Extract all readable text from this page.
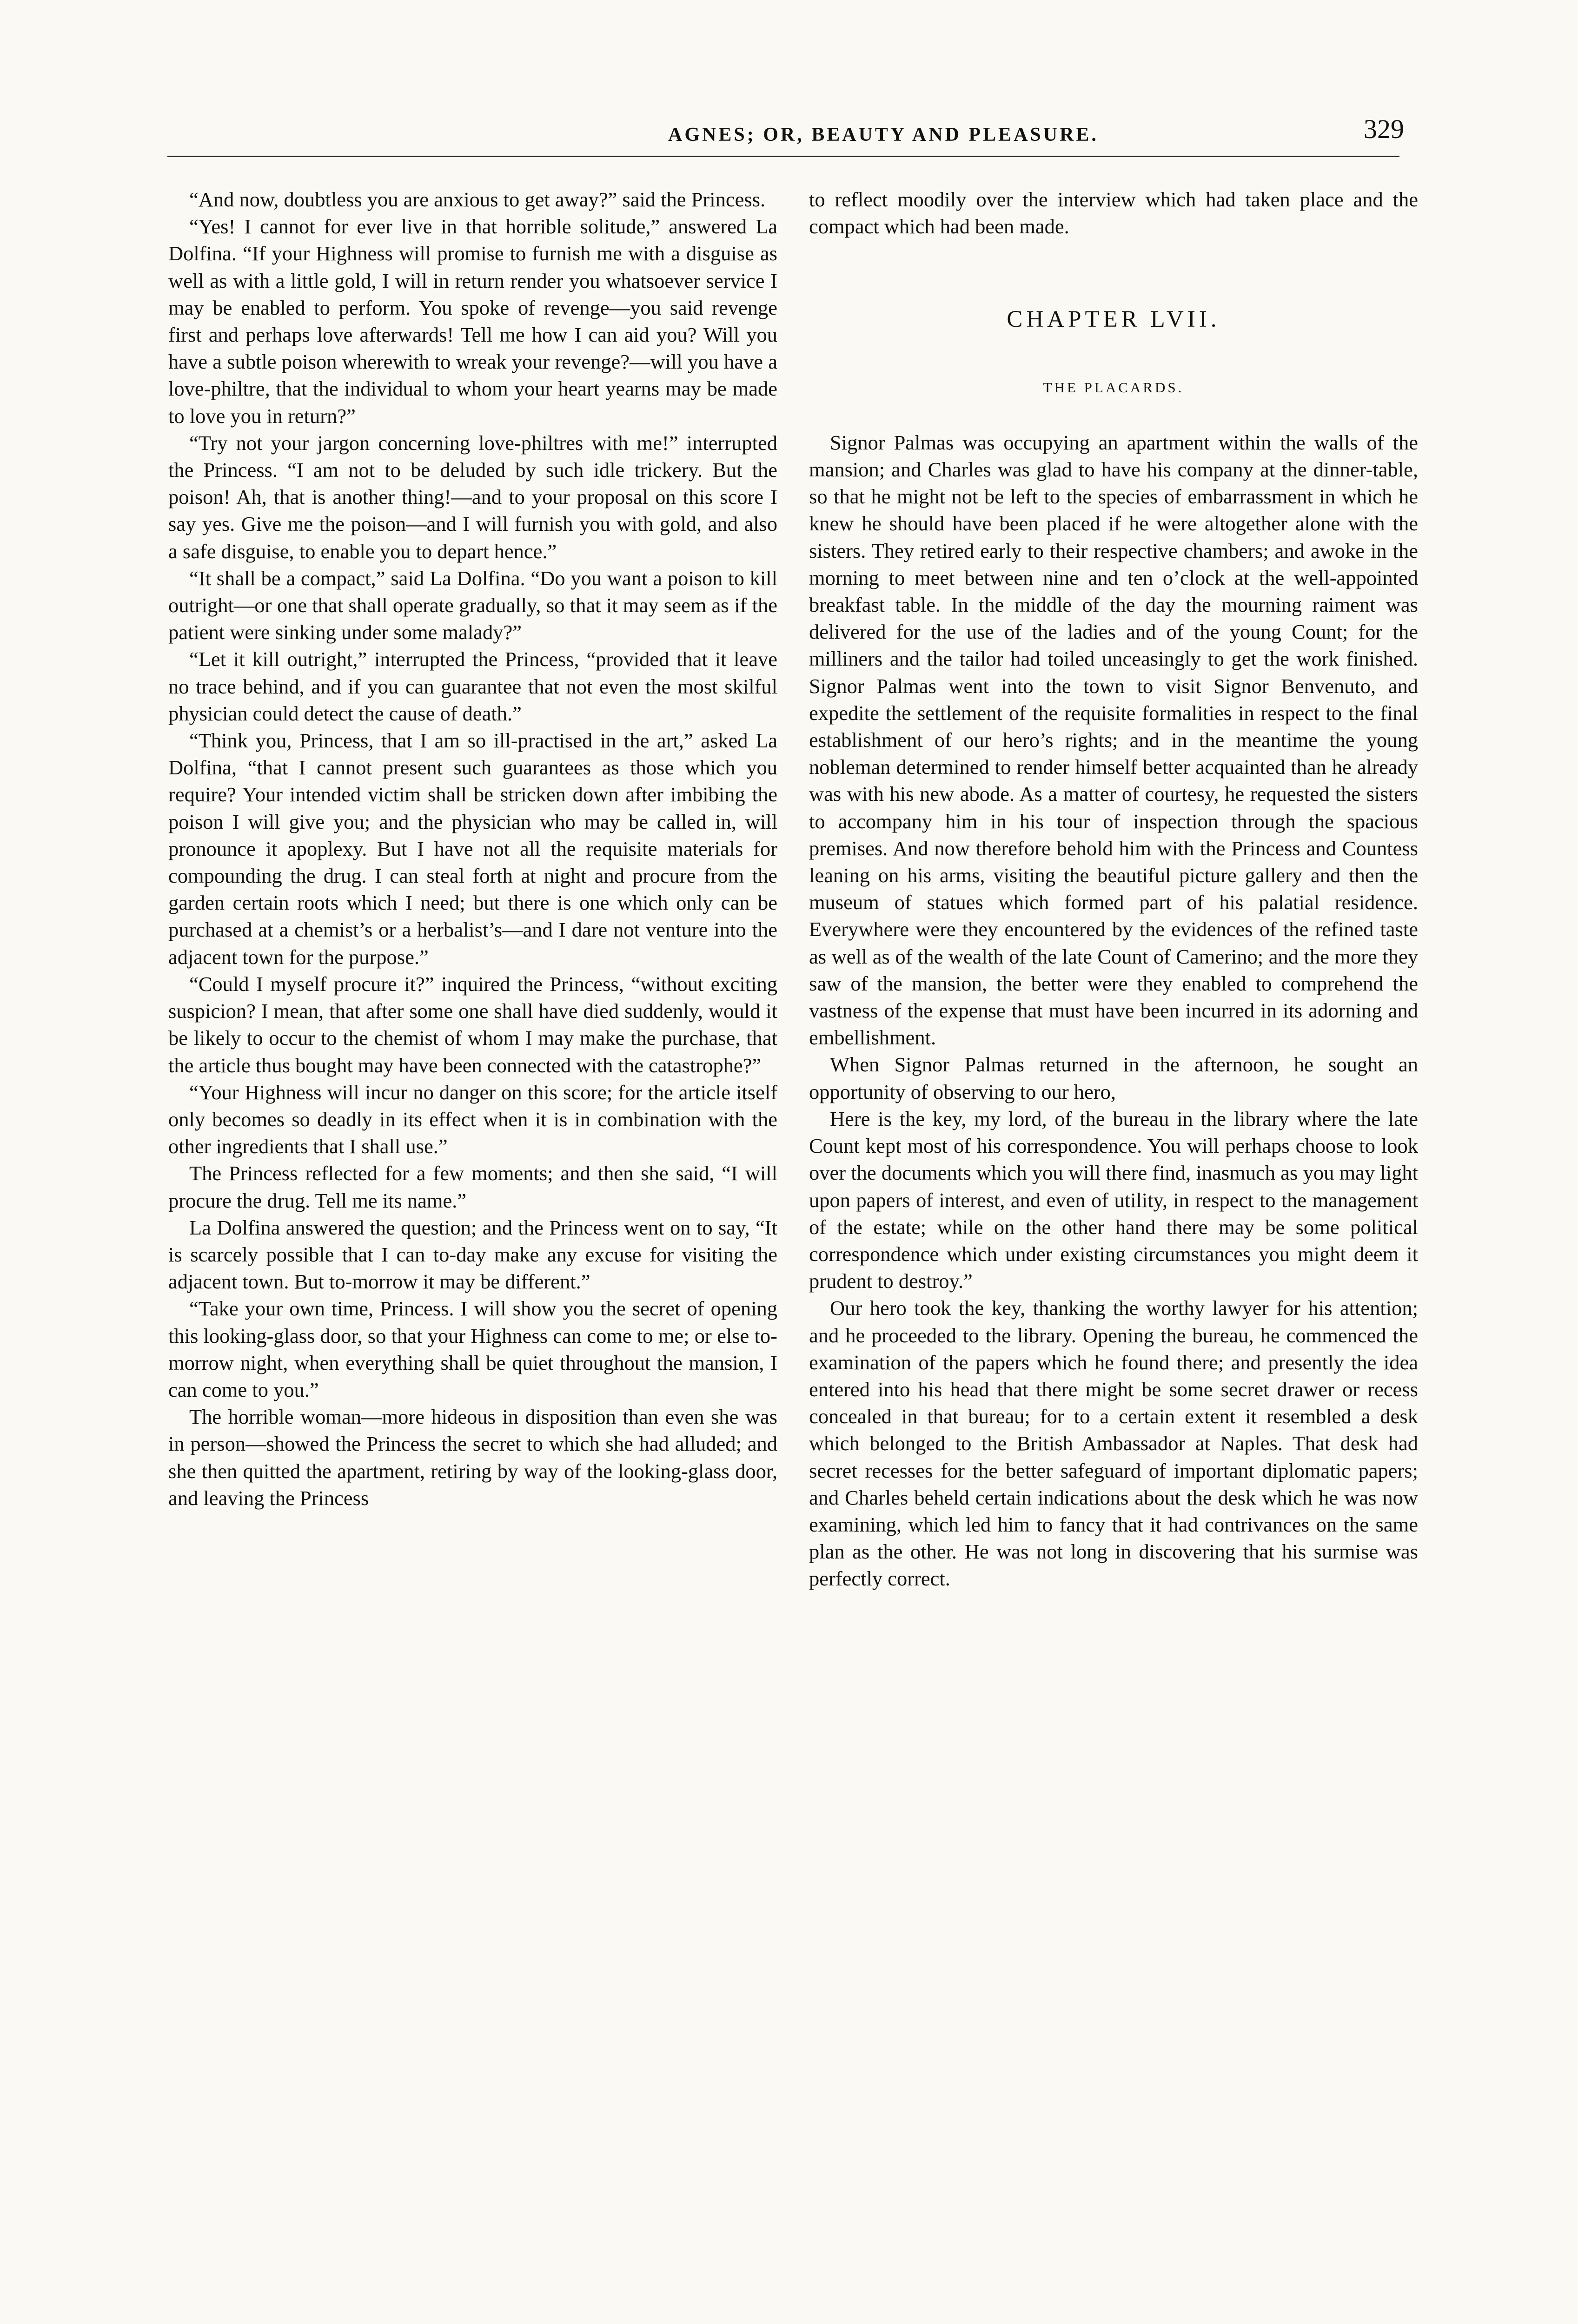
AGNES; OR, BEAUTY AND PLEASURE.	329

“And now, doubtless you are anxious to get away?” said the Princess.

“Yes! I cannot for ever live in that horrible solitude,” answered La Dolfina. “If your Highness will promise to furnish me with a disguise as well as with a little gold, I will in return render you whatsoever service I may be enabled to perform. You spoke of revenge—you said revenge first and perhaps love afterwards! Tell me how I can aid you? Will you have a subtle poison wherewith to wreak your revenge?—will you have a love-philtre, that the individual to whom your heart yearns may be made to love you in return?”

“Try not your jargon concerning love-philtres with me!” interrupted the Princess. “I am not to be deluded by such idle trickery. But the poison! Ah, that is another thing!—and to your proposal on this score I say yes. Give me the poison—and I will furnish you with gold, and also a safe disguise, to enable you to depart hence.”

“It shall be a compact,” said La Dolfina. “Do you want a poison to kill outright—or one that shall operate gradually, so that it may seem as if the patient were sinking under some malady?”

“Let it kill outright,” interrupted the Princess, “provided that it leave no trace behind, and if you can guarantee that not even the most skilful physician could detect the cause of death.”

“Think you, Princess, that I am so ill-practised in the art,” asked La Dolfina, “that I cannot present such guarantees as those which you require? Your intended victim shall be stricken down after imbibing the poison I will give you; and the physician who may be called in, will pronounce it apoplexy. But I have not all the requisite materials for compounding the drug. I can steal forth at night and procure from the garden certain roots which I need; but there is one which only can be purchased at a chemist’s or a herbalist’s—and I dare not venture into the adjacent town for the purpose.”

“Could I myself procure it?” inquired the Princess, “without exciting suspicion? I mean, that after some one shall have died suddenly, would it be likely to occur to the chemist of whom I may make the purchase, that the article thus bought may have been connected with the catastrophe?”

“Your Highness will incur no danger on this score; for the article itself only becomes so deadly in its effect when it is in combination with the other ingredients that I shall use.”

The Princess reflected for a few moments; and then she said, “I will procure the drug. Tell me its name.”

La Dolfina answered the question; and the Princess went on to say, “It is scarcely possible that I can to-day make any excuse for visiting the adjacent town. But to-morrow it may be different.”

“Take your own time, Princess. I will show you the secret of opening this looking-glass door, so that your Highness can come to me; or else to-morrow night, when everything shall be quiet throughout the mansion, I can come to you.”

The horrible woman—more hideous in disposition than even she was in person—showed the Princess the secret to which she had alluded; and she then quitted the apartment, retiring by way of the looking-glass door, and leaving the Princess

to reflect moodily over the interview which had taken place and the compact which had been made.

CHAPTER LVII.
THE PLACARDS.

Signor Palmas was occupying an apartment within the walls of the mansion; and Charles was glad to have his company at the dinner-table, so that he might not be left to the species of embarrassment in which he knew he should have been placed if he were altogether alone with the sisters. They retired early to their respective chambers; and awoke in the morning to meet between nine and ten o’clock at the well-appointed breakfast table. In the middle of the day the mourning raiment was delivered for the use of the ladies and of the young Count; for the milliners and the tailor had toiled unceasingly to get the work finished. Signor Palmas went into the town to visit Signor Benvenuto, and expedite the settlement of the requisite formalities in respect to the final establishment of our hero’s rights; and in the meantime the young nobleman determined to render himself better acquainted than he already was with his new abode. As a matter of courtesy, he requested the sisters to accompany him in his tour of inspection through the spacious premises. And now therefore behold him with the Princess and Countess leaning on his arms, visiting the beautiful picture gallery and then the museum of statues which formed part of his palatial residence. Everywhere were they encountered by the evidences of the refined taste as well as of the wealth of the late Count of Camerino; and the more they saw of the mansion, the better were they enabled to comprehend the vastness of the expense that must have been incurred in its adorning and embellishment.

When Signor Palmas returned in the afternoon, he sought an opportunity of observing to our hero,

Here is the key, my lord, of the bureau in the library where the late Count kept most of his correspondence. You will perhaps choose to look over the documents which you will there find, inasmuch as you may light upon papers of interest, and even of utility, in respect to the management of the estate; while on the other hand there may be some political correspondence which under existing circumstances you might deem it prudent to destroy.”

Our hero took the key, thanking the worthy lawyer for his attention; and he proceeded to the library. Opening the bureau, he commenced the examination of the papers which he found there; and presently the idea entered into his head that there might be some secret drawer or recess concealed in that bureau; for to a certain extent it resembled a desk which belonged to the British Ambassador at Naples. That desk had secret recesses for the better safeguard of important diplomatic papers; and Charles beheld certain indications about the desk which he was now examining, which led him to fancy that it had contrivances on the same plan as the other. He was not long in discovering that his surmise was perfectly correct.
